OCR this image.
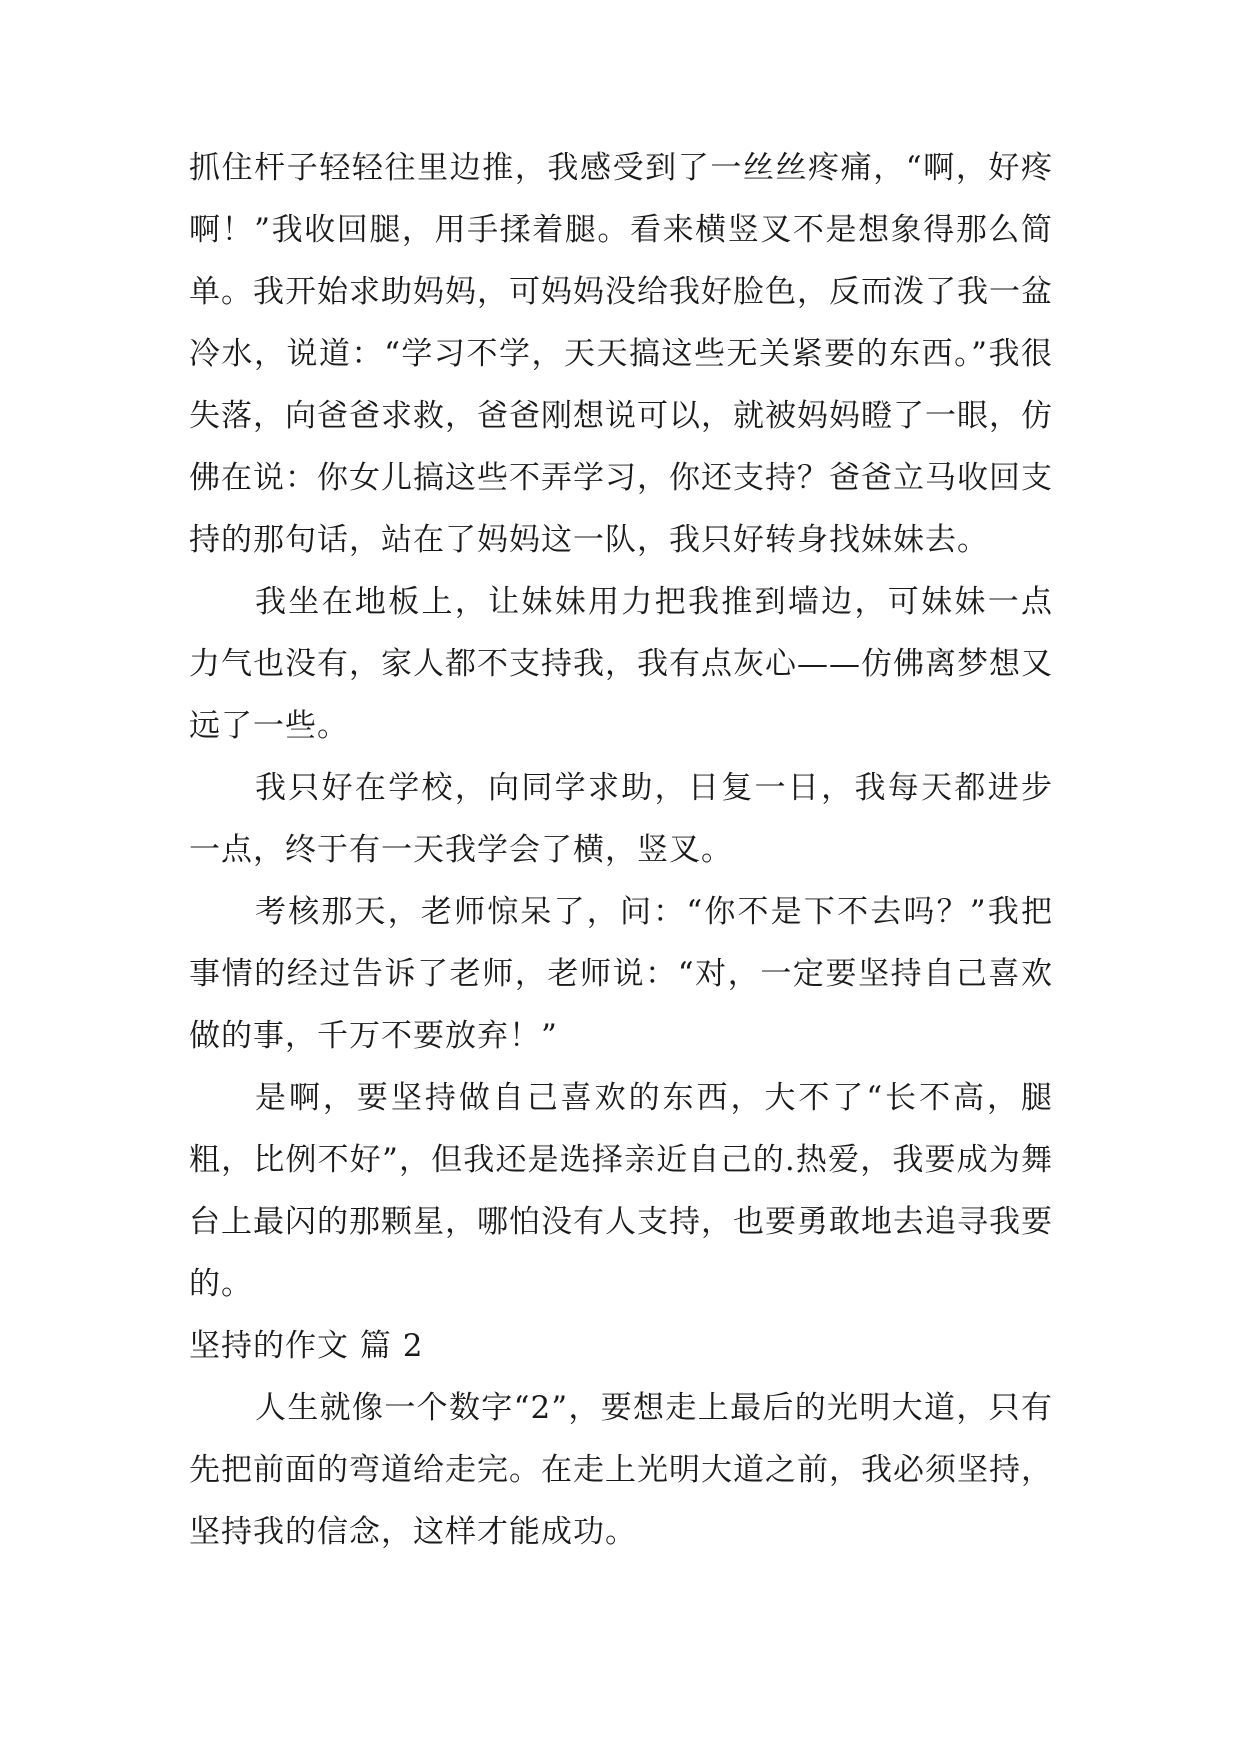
抓住杆子轻轻往里边推，我感受到了一丝丝疼痛，“啊，好疼啊！”我收回腿，用手揉着腿。看来横竖叉不是想象得那么简单。我开始求助妈妈，可妈妈没给我好脸色，反而泼了我一盆冷水，说道：“学习不学，天天搞这些无关紧要的东西。”我很失落，向爸爸求救，爸爸刚想说可以，就被妈妈瞪了一眼，仿佛在说：你女儿搞这些不弄学习，你还支持？爸爸立马收回支持的那句话，站在了妈妈这一队，我只好转身找妹妹去。

我坐在地板上，让妹妹用力把我推到墙边，可妹妹一点力气也没有，家人都不支持我，我有点灰心——仿佛离梦想又远了一些。

我只好在学校，向同学求助，日复一日，我每天都进步一点，终于有一天我学会了横，竖叉。

考核那天，老师惊呆了，问：“你不是下不去吗？”我把事情的经过告诉了老师，老师说：“对，一定要坚持自己喜欢做的事，千万不要放弃！”

是啊，要坚持做自己喜欢的东西，大不了“长不高，腿粗，比例不好”，但我还是选择亲近自己的.热爱，我要成为舞台上最闪的那颗星，哪怕没有人支持，也要勇敢地去追寻我要的。

坚持的作文 篇 2

人生就像一个数字“2”，要想走上最后的光明大道，只有先把前面的弯道给走完。在走上光明大道之前，我必须坚持，坚持我的信念，这样才能成功。
